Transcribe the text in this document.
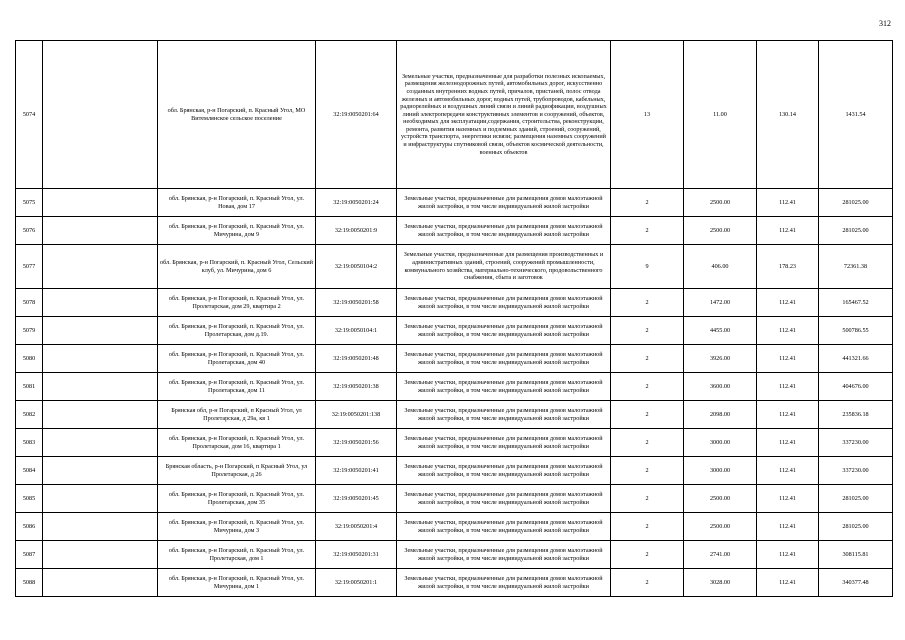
312
5074		обл. Брянская, р-н Погарский, п. Красный Угол, МО Витемлянское сельское поселение	32:19:0050201:64	Земельные участки, предназначенные для разработки полезных ископаемых, размещения железнодорожных путей, автомобильных дорог, искусственно созданных внутренних водных путей, причалов, пристаней, полос отвода железных и автомобильных дорог, водных путей, трубопроводов, кабельных, радиорелейных и воздушных линий связи и линий радиофикации, воздушных линий электропередачи конструктивных элементов и сооружений, объектов, необходимых для эксплуатации,содержания, строительства, реконструкции, ремонта, развития наземных и подземных зданий, строений, сооружений, устройств транспорта, энергетики исвязи; размещения наземных сооружений и инфраструктуры спутниковой связи, объектов космической деятельности, военных объектов	13	11.00	130.14	1431.54
5075		обл. Брянская, р-н Погарский, п. Красный Угол, ул. Новая, дом 17	32:19:0050201:24	Земельные участки, предназначенные для размещения домов малоэтажной жилой застройки, в том числе индивидуальной жилой застройки	2	2500.00	112.41	281025.00
5076		обл. Брянская, р-н Погарский, п. Красный Угол, ул. Мичурина, дом 9	32:19:0050201:9	Земельные участки, предназначенные для размещения домов малоэтажной жилой застройки, в том числе индивидуальной жилой застройки	2	2500.00	112.41	281025.00
5077		обл. Брянская, р-н Погарский, п. Красный Угол, Сельский клуб, ул. Мичурина, дом 6	32:19:0050104:2	Земельные участки, предназначенные для размещения производственных и административных зданий, строений, сооружений промышленности, коммунального хозяйства, материально-технического, продовольственного снабжения, сбыта и заготовок	9	406.00	178.23	72361.38
5078		обл. Брянская, р-н Погарский, п. Красный Угол, ул. Пролетарская, дом 29, квартира 2	32:19:0050201:58	Земельные участки, предназначенные для размещения домов малоэтажной жилой застройки, в том числе индивидуальной жилой застройки	2	1472.00	112.41	165467.52
5079		обл. Брянская, р-н Погарский, п. Красный Угол, ул. Пролетарская, дом д.19.	32:19:0050104:1	Земельные участки, предназначенные для размещения домов малоэтажной жилой застройки, в том числе индивидуальной жилой застройки	2	4455.00	112.41	500786.55
5080		обл. Брянская, р-н Погарский, п. Красный Угол, ул. Пролетарская, дом 40	32:19:0050201:48	Земельные участки, предназначенные для размещения домов малоэтажной жилой застройки, в том числе индивидуальной жилой застройки	2	3926.00	112.41	441321.66
5081		обл. Брянская, р-н Погарский, п. Красный Угол, ул. Пролетарская, дом 11	32:19:0050201:38	Земельные участки, предназначенные для размещения домов малоэтажной жилой застройки, в том числе индивидуальной жилой застройки	2	3600.00	112.41	404676.00
5082		Брянская обл, р-н Погарский, п Красный Угол, ул Пролетарская, д 29а, кв 1	32:19:0050201:138	Земельные участки, предназначенные для размещения домов малоэтажной жилой застройки, в том числе индивидуальной жилой застройки	2	2098.00	112.41	235836.18
5083		обл. Брянская, р-н Погарский, п. Красный Угол, ул. Пролетарская, дом 16, квартира 1	32:19:0050201:56	Земельные участки, предназначенные для размещения домов малоэтажной жилой застройки, в том числе индивидуальной жилой застройки	2	3000.00	112.41	337230.00
5084		Брянская область, р-н Погарский, п Красный Угол, ул Пролетарская, д 26	32:19:0050201:41	Земельные участки, предназначенные для размещения домов малоэтажной жилой застройки, в том числе индивидуальной жилой застройки	2	3000.00	112.41	337230.00
5085		обл. Брянская, р-н Погарский, п. Красный Угол, ул. Пролетарская, дом 35	32:19:0050201:45	Земельные участки, предназначенные для размещения домов малоэтажной жилой застройки, в том числе индивидуальной жилой застройки	2	2500.00	112.41	281025.00
5086		обл. Брянская, р-н Погарский, п. Красный Угол, ул. Мичурина, дом 3	32:19:0050201:4	Земельные участки, предназначенные для размещения домов малоэтажной жилой застройки, в том числе индивидуальной жилой застройки	2	2500.00	112.41	281025.00
5087		обл. Брянская, р-н Погарский, п. Красный Угол, ул. Пролетарская, дом 1	32:19:0050201:31	Земельные участки, предназначенные для размещения домов малоэтажной жилой застройки, в том числе индивидуальной жилой застройки	2	2741.00	112.41	308115.81
5088		обл. Брянская, р-н Погарский, п. Красный Угол, ул. Мичурина, дом 1	32:19:0050201:1	Земельные участки, предназначенные для размещения домов малоэтажной жилой застройки, в том числе индивидуальной жилой застройки	2	3028.00	112.41	340377.48
